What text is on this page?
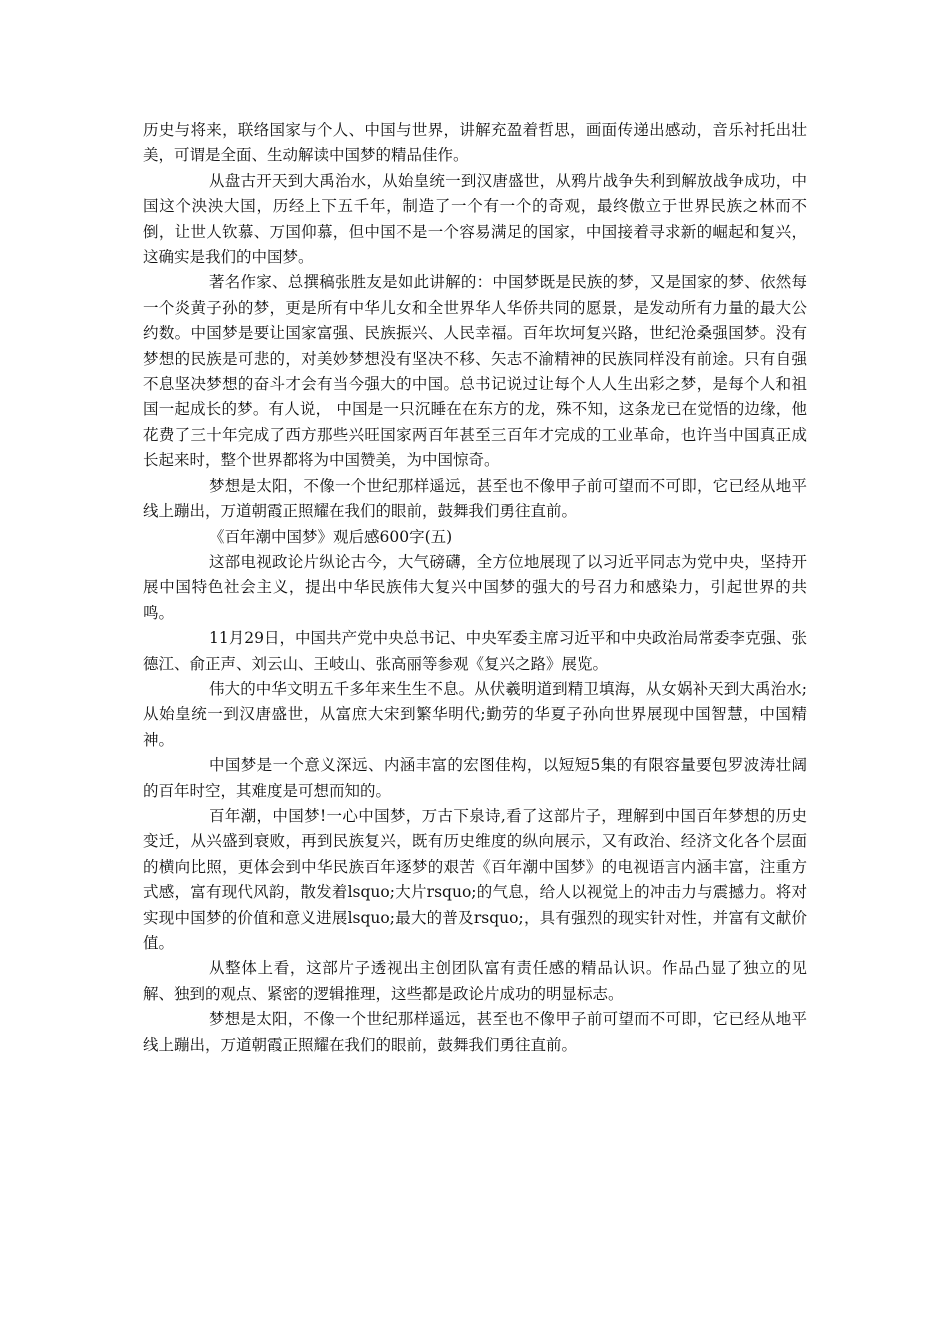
历史与将来，联络国家与个人、中国与世界，讲解充盈着哲思，画面传递出感动，音乐衬托出壮美，可谓是全面、生动解读中国梦的精品佳作。

从盘古开天到大禹治水，从始皇统一到汉唐盛世，从鸦片战争失利到解放战争成功，中国这个泱泱大国，历经上下五千年，制造了一个有一个的奇观，最终傲立于世界民族之林而不倒，让世人钦慕、万国仰慕，但中国不是一个容易满足的国家，中国接着寻求新的崛起和复兴，这确实是我们的中国梦。

著名作家、总撰稿张胜友是如此讲解的：中国梦既是民族的梦，又是国家的梦、依然每一个炎黄子孙的梦，更是所有中华儿女和全世界华人华侨共同的愿景，是发动所有力量的最大公约数。中国梦是要让国家富强、民族振兴、人民幸福。百年坎坷复兴路，世纪沧桑强国梦。没有梦想的民族是可悲的，对美妙梦想没有坚决不移、矢志不渝精神的民族同样没有前途。只有自强不息坚决梦想的奋斗才会有当今强大的中国。总书记说过让每个人人生出彩之梦，是每个人和祖国一起成长的梦。有人说， 中国是一只沉睡在在东方的龙，殊不知，这条龙已在觉悟的边缘，他花费了三十年完成了西方那些兴旺国家两百年甚至三百年才完成的工业革命，也许当中国真正成长起来时，整个世界都将为中国赞美，为中国惊奇。

梦想是太阳，不像一个世纪那样遥远，甚至也不像甲子前可望而不可即，它已经从地平线上蹦出，万道朝霞正照耀在我们的眼前，鼓舞我们勇往直前。

《百年潮中国梦》观后感600字(五)

这部电视政论片纵论古今，大气磅礴，全方位地展现了以习近平同志为党中央，坚持开展中国特色社会主义，提出中华民族伟大复兴中国梦的强大的号召力和感染力，引起世界的共鸣。

11月29日，中国共产党中央总书记、中央军委主席习近平和中央政治局常委李克强、张德江、俞正声、刘云山、王岐山、张高丽等参观《复兴之路》展览。

伟大的中华文明五千多年来生生不息。从伏羲明道到精卫填海，从女娲补天到大禹治水;从始皇统一到汉唐盛世，从富庶大宋到繁华明代;勤劳的华夏子孙向世界展现中国智慧，中国精神。

中国梦是一个意义深远、内涵丰富的宏图佳构，以短短5集的有限容量要包罗波涛壮阔的百年时空，其难度是可想而知的。

百年潮，中国梦!一心中国梦，万古下泉诗,看了这部片子，理解到中国百年梦想的历史变迁，从兴盛到衰败，再到民族复兴，既有历史维度的纵向展示，又有政治、经济文化各个层面的横向比照，更体会到中华民族百年逐梦的艰苦《百年潮中国梦》的电视语言内涵丰富，注重方式感，富有现代风韵，散发着lsquo;大片rsquo;的气息，给人以视觉上的冲击力与震撼力。将对实现中国梦的价值和意义进展lsquo;最大的普及rsquo;，具有强烈的现实针对性，并富有文献价值。

从整体上看，这部片子透视出主创团队富有责任感的精品认识。作品凸显了独立的见解、独到的观点、紧密的逻辑推理，这些都是政论片成功的明显标志。

梦想是太阳，不像一个世纪那样遥远，甚至也不像甲子前可望而不可即，它已经从地平线上蹦出，万道朝霞正照耀在我们的眼前，鼓舞我们勇往直前。
